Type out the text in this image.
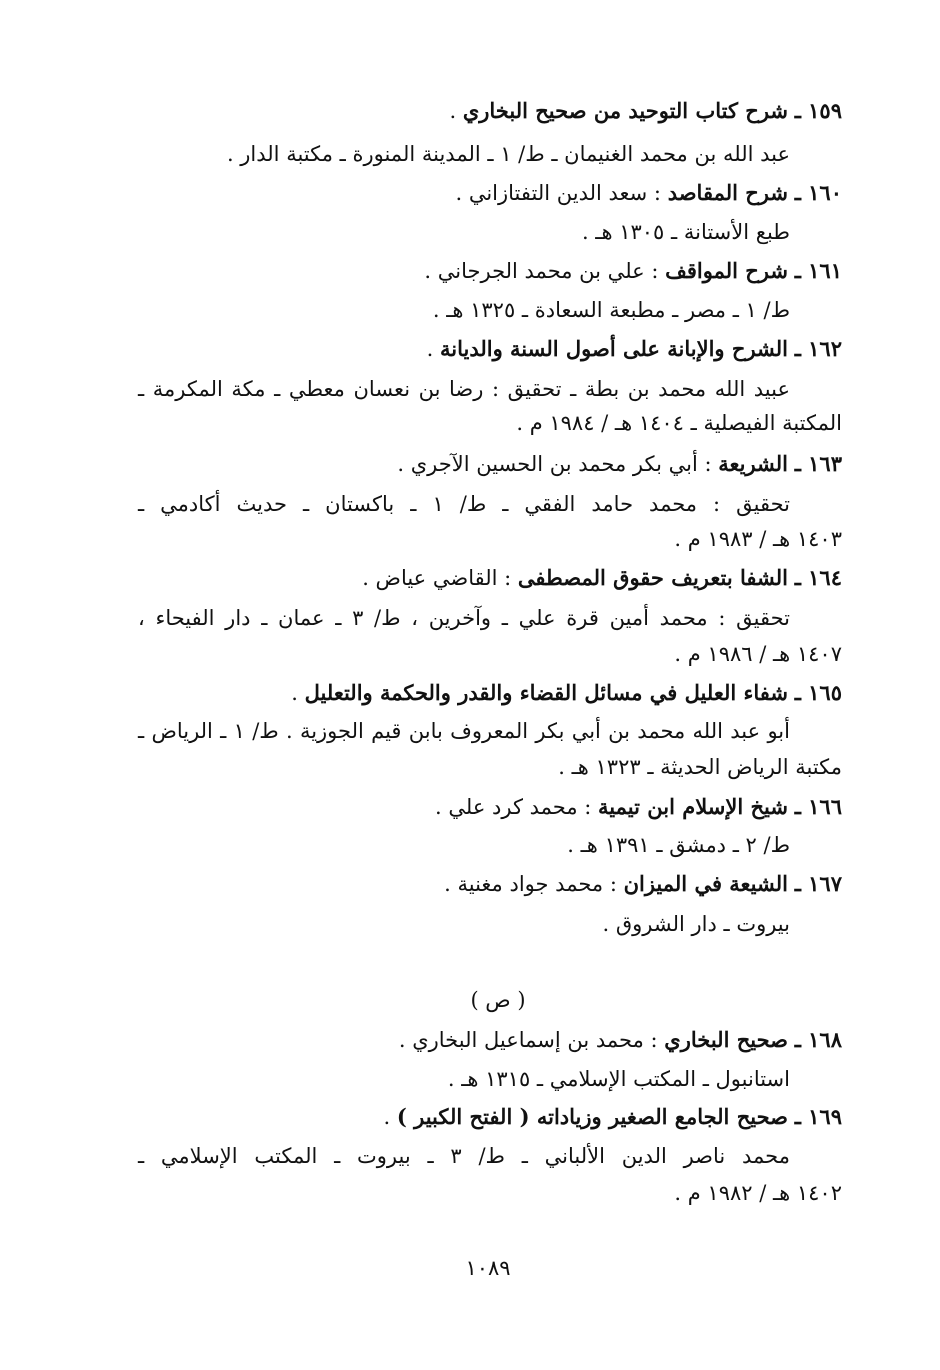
١٥٩ ـ شرح كتاب التوحيد من صحيح البخاري .

عبد الله بن محمد الغنيمان ـ ط/ ١ ـ المدينة المنورة ـ مكتبة الدار .

١٦٠ ـ شرح المقاصد : سعد الدين التفتازاني .

طبع الأستانة ـ ١٣٠٥ هـ .

١٦١ ـ شرح المواقف : علي بن محمد الجرجاني .

ط/ ١ ـ مصر ـ مطبعة السعادة ـ ١٣٢٥ هـ .

١٦٢ ـ الشرح والإبانة على أصول السنة والديانة .

عبيد الله محمد بن بطة ـ تحقيق : رضا بن نعسان معطي ـ مكة المكرمة ـ

المكتبة الفيصلية ـ ١٤٠٤ هـ / ١٩٨٤ م .

١٦٣ ـ الشريعة : أبي بكر محمد بن الحسين الآجري .

تحقيق : محمد حامد الفقي ـ ط/ ١ ـ باكستان ـ حديث أكادمي ـ

١٤٠٣ هـ / ١٩٨٣ م .

١٦٤ ـ الشفا بتعريف حقوق المصطفى : القاضي عياض .

تحقيق : محمد أمين قرة علي ـ وآخرين ، ط/ ٣ ـ عمان ـ دار الفيحاء ،

١٤٠٧ هـ / ١٩٨٦ م .

١٦٥ ـ شفاء العليل في مسائل القضاء والقدر والحكمة والتعليل .

أبو عبد الله محمد بن أبي بكر المعروف بابن قيم الجوزية . ط/ ١ ـ الرياض ـ

مكتبة الرياض الحديثة ـ ١٣٢٣ هـ .

١٦٦ ـ شيخ الإسلام ابن تيمية : محمد كرد علي .

ط/ ٢ ـ دمشق ـ ١٣٩١ هـ .

١٦٧ ـ الشيعة في الميزان : محمد جواد مغنية .

بيروت ـ دار الشروق .

( ص )

١٦٨ ـ صحيح البخاري : محمد بن إسماعيل البخاري .

استانبول ـ المكتب الإسلامي ـ ١٣١٥ هـ .

١٦٩ ـ صحيح الجامع الصغير وزياداته ( الفتح الكبير ) .

محمد ناصر الدين الألباني ـ ط/ ٣ ـ بيروت ـ المكتب الإسلامي ـ

١٤٠٢ هـ / ١٩٨٢ م .

١٠٨٩
